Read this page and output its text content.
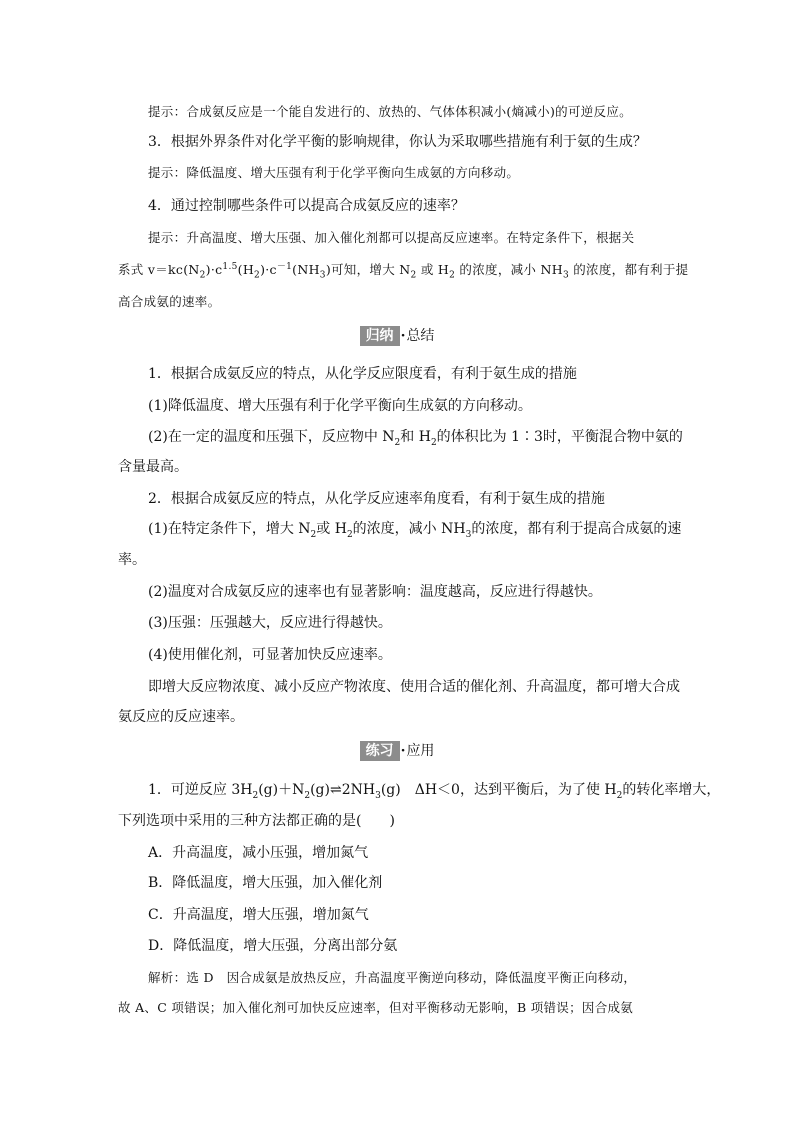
提示：合成氨反应是一个能自发进行的、放热的、气体体积减小(熵减小)的可逆反应。
3．根据外界条件对化学平衡的影响规律，你认为采取哪些措施有利于氨的生成？
提示：降低温度、增大压强有利于化学平衡向生成氨的方向移动。
4．通过控制哪些条件可以提高合成氨反应的速率？
提示：升高温度、增大压强、加入催化剂都可以提高反应速率。在特定条件下，根据关
系式 $v=kc(N_2)\cdot c^{1.5}(H_2)\cdot c^{-1}(NH_3)$可知，增大 $N_2$ 或 $H_2$ 的浓度，减小 $NH_3$ 的浓度，都有利于提
高合成氨的速率。
归纳 ·总结
1．根据合成氨反应的特点，从化学反应限度看，有利于氨生成的措施
(1)降低温度、增大压强有利于化学平衡向生成氨的方向移动。
(2)在一定的温度和压强下，反应物中 $N_2$和 $H_2$的体积比为 1∶3时，平衡混合物中氨的
含量最高。
2．根据合成氨反应的特点，从化学反应速率角度看，有利于氨生成的措施
(1)在特定条件下，增大 $N_2$或 $H_2$的浓度，减小 $NH_3$的浓度，都有利于提高合成氨的速
率。
(2)温度对合成氨反应的速率也有显著影响：温度越高，反应进行得越快。
(3)压强：压强越大，反应进行得越快。
(4)使用催化剂，可显著加快反应速率。
即增大反应物浓度、减小反应产物浓度、使用合适的催化剂、升高温度，都可增大合成
氨反应的反应速率。
练习 ·应用
1．可逆反应 $3H_2(g)+N_2(g)\rightleftharpoons 2NH_3(g)$　ΔH＜0，达到平衡后，为了使 $H_2$的转化率增大，
下列选项中采用的三种方法都正确的是(　　)
A．升高温度，减小压强，增加氮气
B．降低温度，增大压强，加入催化剂
C．升高温度，增大压强，增加氮气
D．降低温度，增大压强，分离出部分氨
解析：选 D　因合成氨是放热反应，升高温度平衡逆向移动，降低温度平衡正向移动，
故 A、C 项错误；加入催化剂可加快反应速率，但对平衡移动无影响，B 项错误；因合成氨
